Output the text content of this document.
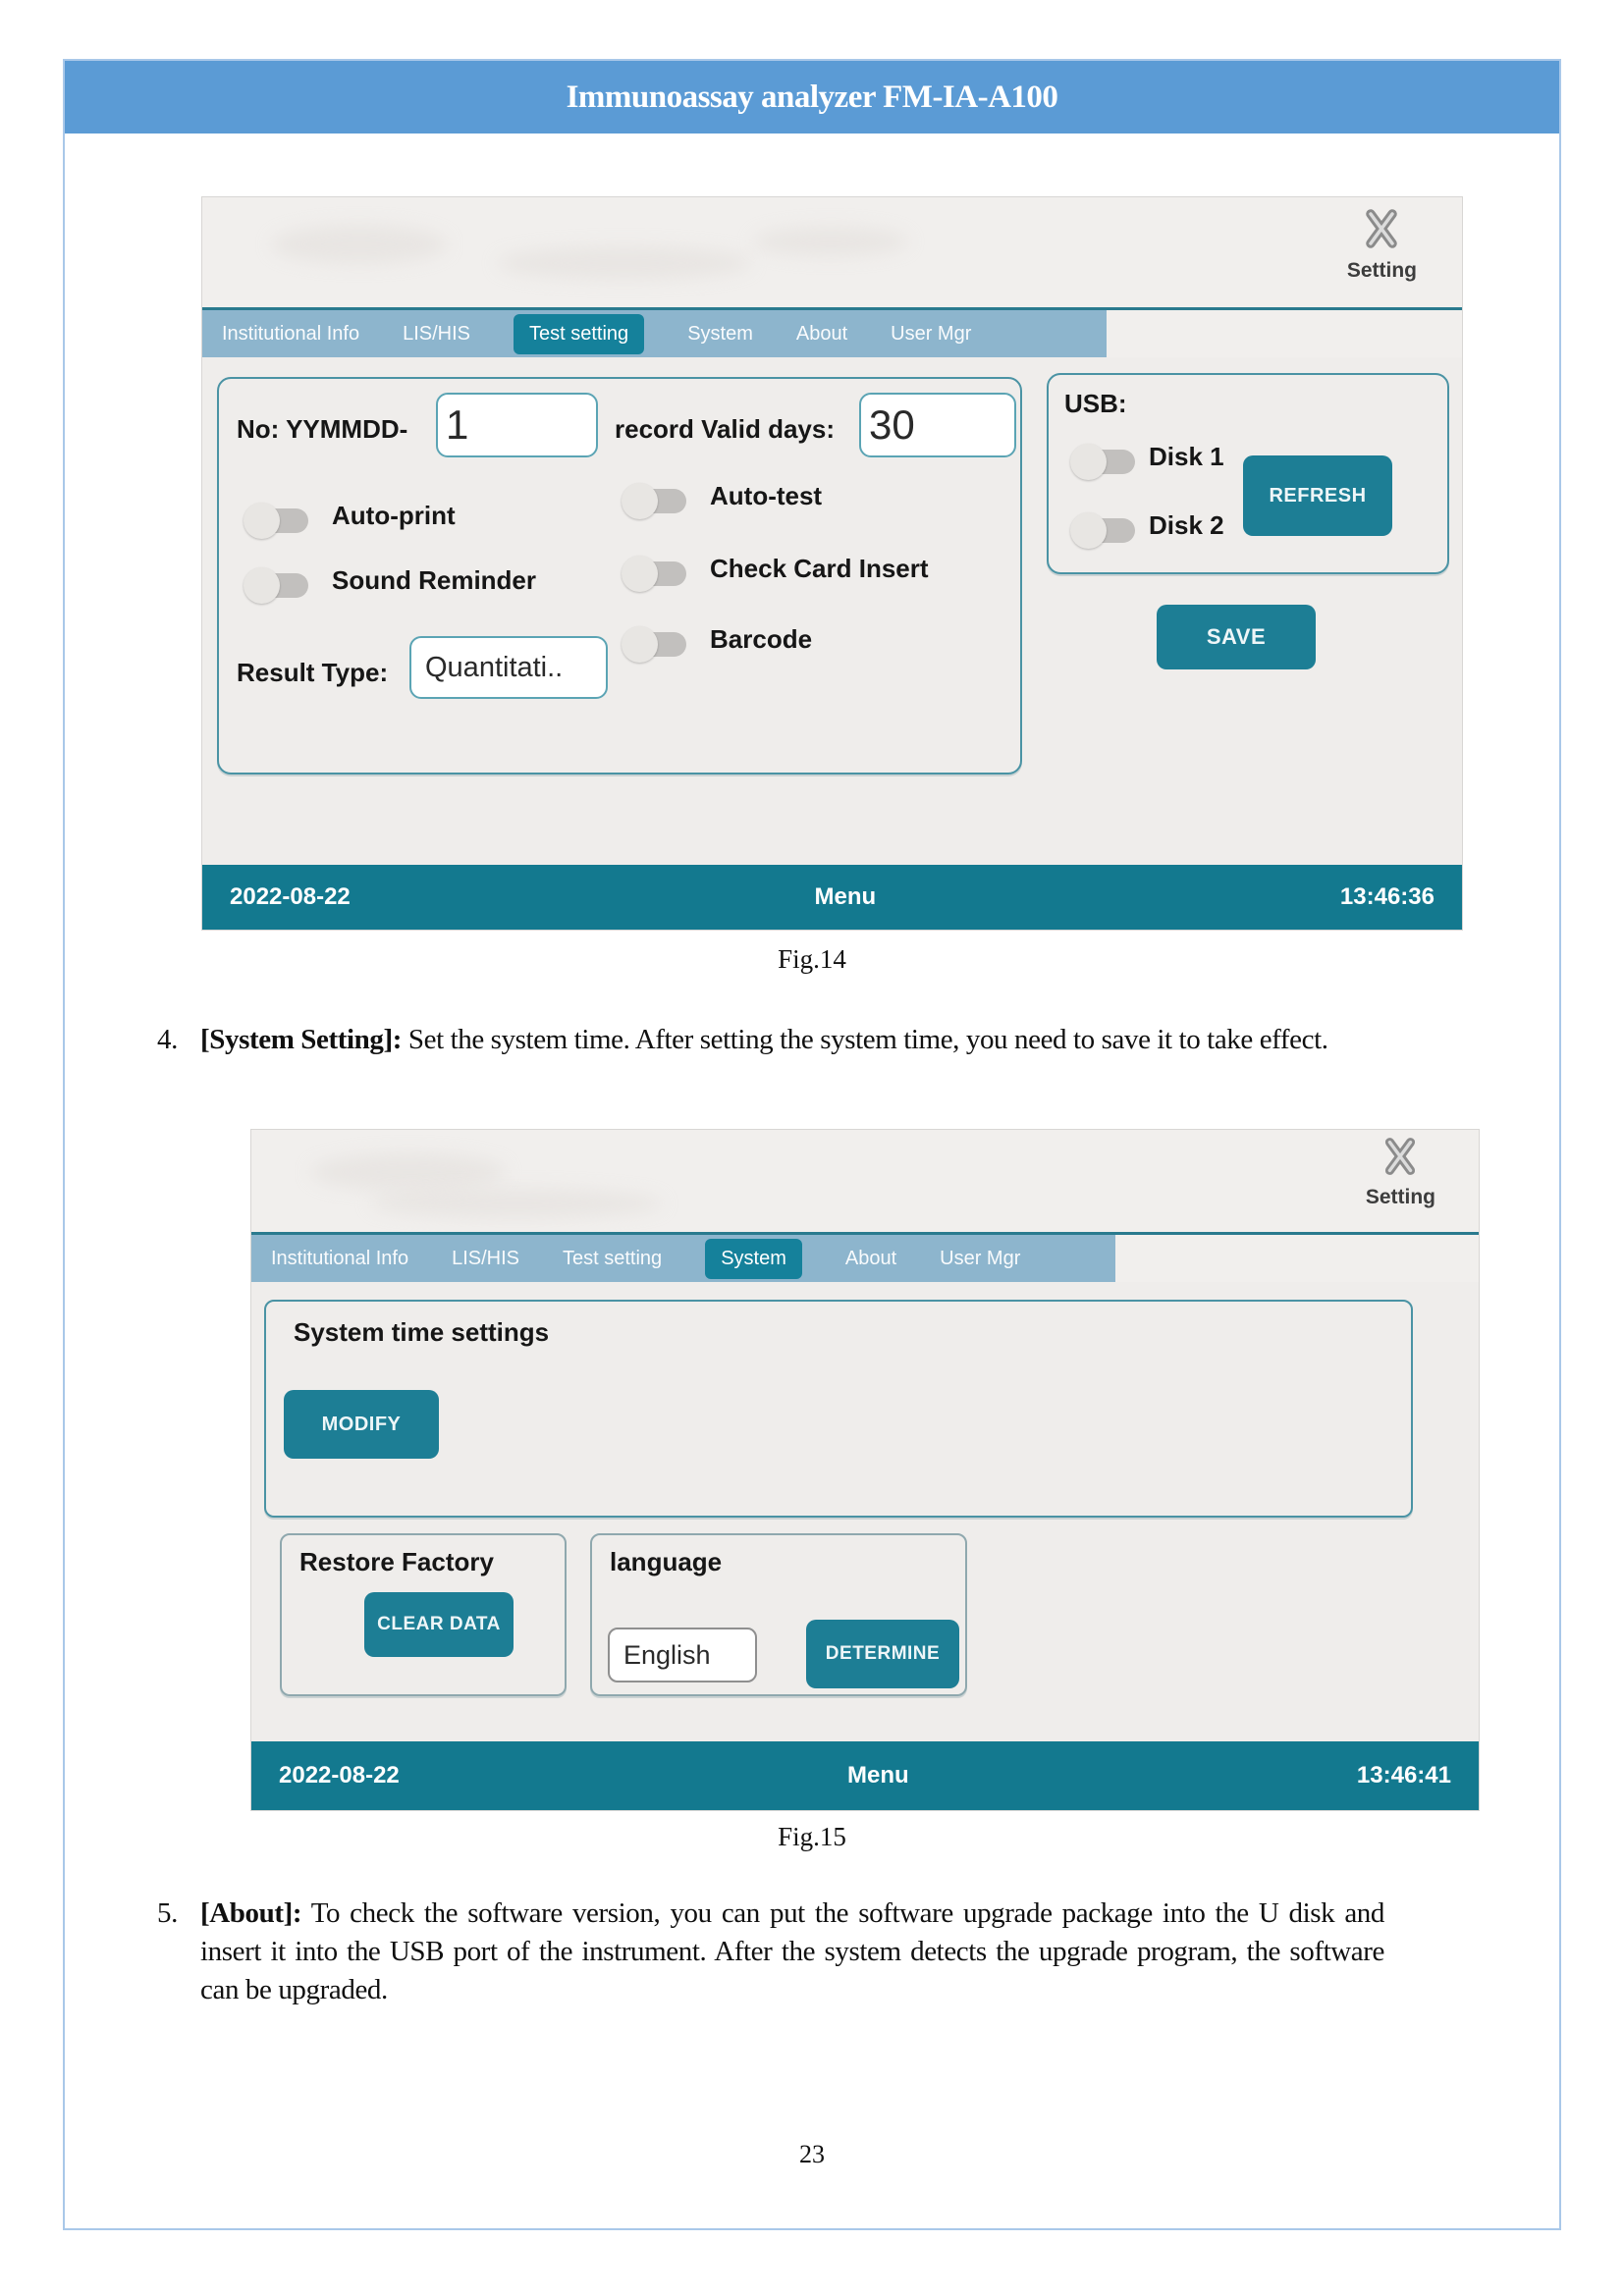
Immunoassay analyzer FM-IA-A100
Setting
Institutional Info LIS/HIS	Test setting	System About User Mgr
No: YYMMDD- 1	record Valid days: 30
Auto-test
Auto-print
Check Card Insert
Sound Reminder
Barcode
Result Type: Quantitati..
USB:
Disk 1
Disk 2
REFRESH
SAVE
2022-08-22	Menu	13:46:36
Fig.14
4. [System Setting]: Set the system time. After setting the system time, you need to save it to take effect.

Setting
Institutional Info LIS/HIS Test setting	System	About User Mgr
System time settings
MODIFY
Restore Factory
CLEAR DATA
language
English	DETERMINE
2022-08-22	Menu	13:46:41
Fig.15
5. [About]: To check the software version, you can put the software upgrade package into the U disk and insert it into the USB port of the instrument. After the system detects the upgrade program, the software can be upgraded.

23
